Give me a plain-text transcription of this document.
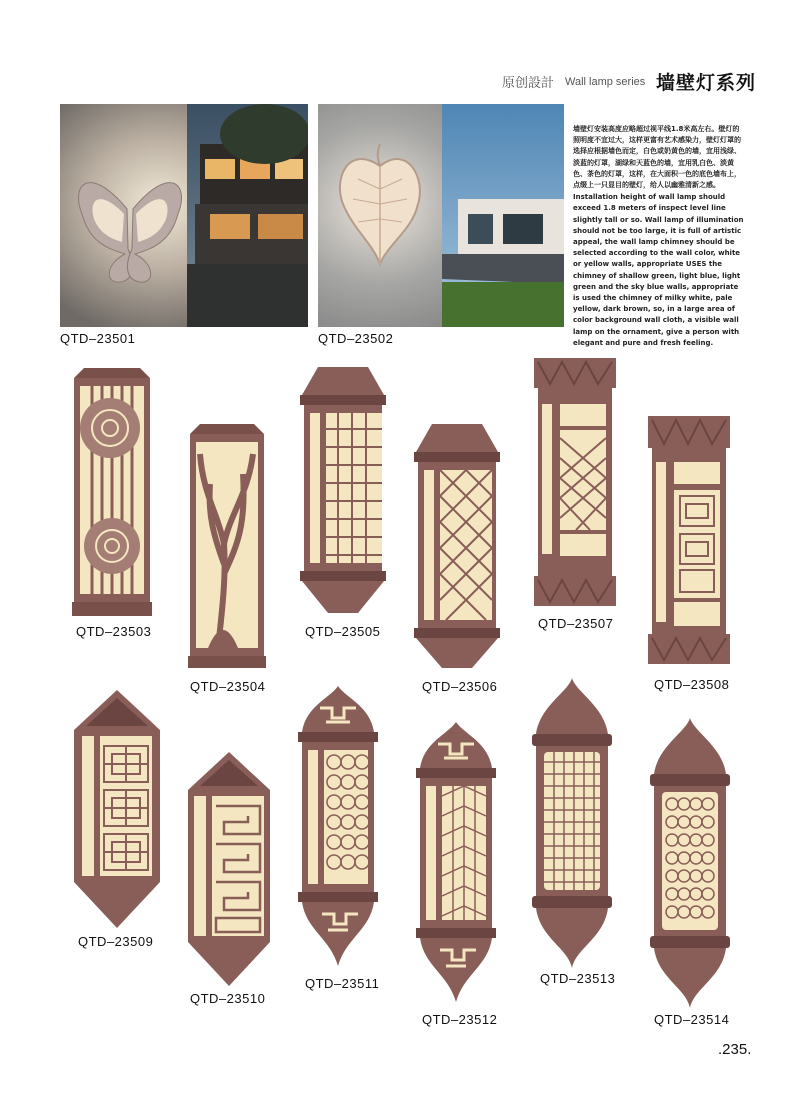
原创設計 Wall lamp series 墙壁灯系列

墙壁灯安装高度应略超过视平线1.8米高左右。壁灯的照明度不宜过大，这样更富有艺术感染力，壁灯灯罩的选择应根据墙色而定，白色或奶黄色的墙，宜用浅绿、淡蓝的灯罩，湖绿和天蓝色的墙，宜用乳白色、淡黄色、茶色的灯罩，这样，在大面积一色的底色墙布上，点缀上一只显目的壁灯，给人以幽雅清新之感。

Installation height of wall lamp should exceed 1.8 meters of inspect level line slightly tall or so. Wall lamp of illumination should not be too large, it is full of artistic appeal, the wall lamp chimney should be selected according to the wall color, white or yellow walls, appropriate USES the chimney of shallow green, light blue, light green and the sky blue walls, appropriate is used the chimney of milky white, pale yellow, dark brown, so, in a large area of color background wall cloth, a visible wall lamp on the ornament, give a person with elegant and pure and fresh feeling.

QTD–23501	QTD–23502
QTD–23503
QTD–23504
QTD–23505
QTD–23506
QTD–23507
QTD–23508
QTD–23509
QTD–23510
QTD–23511
QTD–23512
QTD–23513
QTD–23514
.235.
